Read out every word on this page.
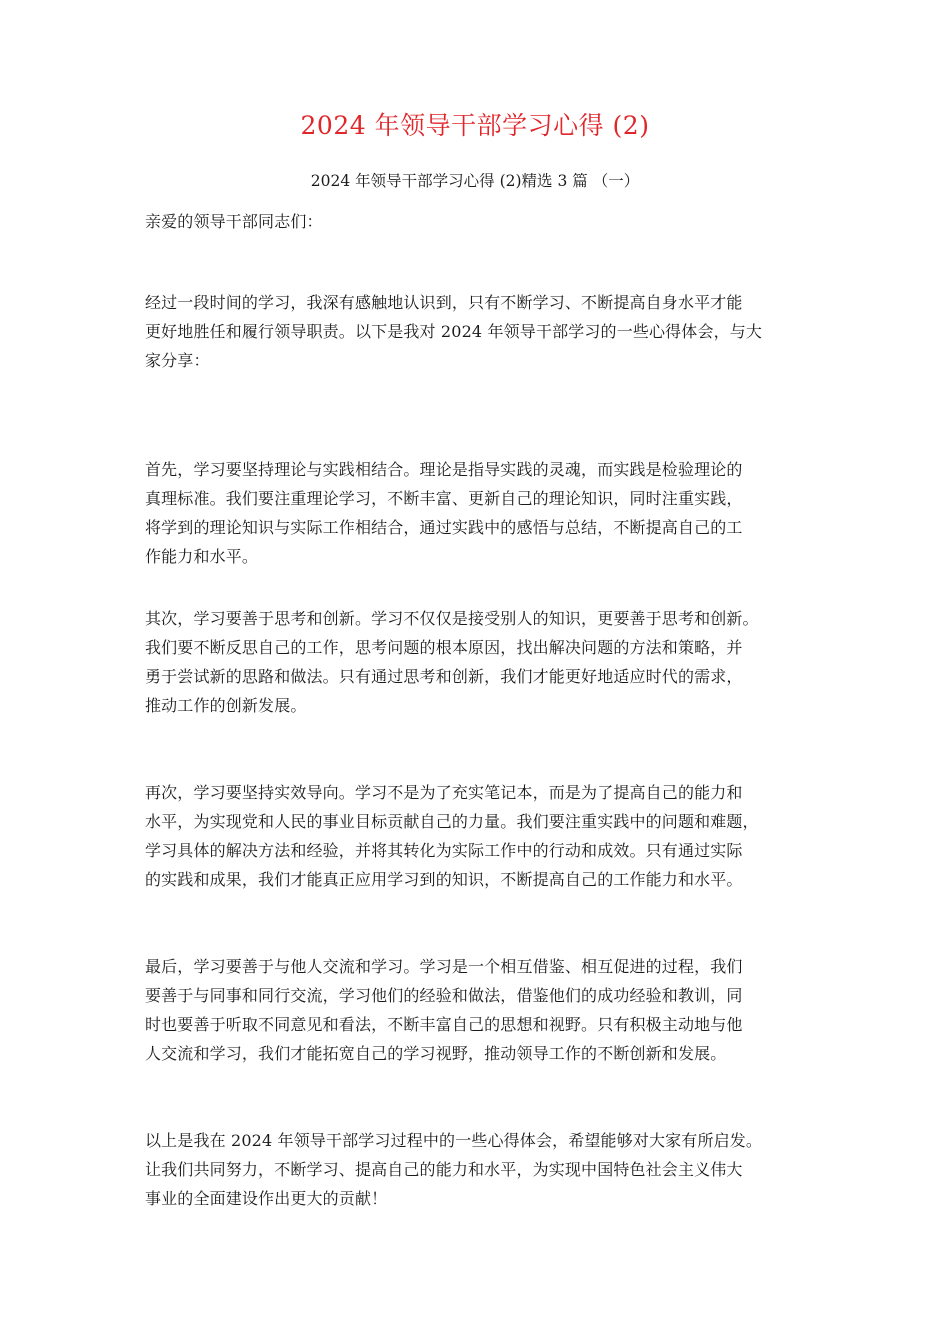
2024 年领导干部学习心得 (2)
2024 年领导干部学习心得 (2)精选 3 篇 （一）
亲爱的领导干部同志们：
经过一段时间的学习，我深有感触地认识到，只有不断学习、不断提高自身水平才能
更好地胜任和履行领导职责。以下是我对 2024 年领导干部学习的一些心得体会，与大
家分享：
首先，学习要坚持理论与实践相结合。理论是指导实践的灵魂，而实践是检验理论的
真理标准。我们要注重理论学习，不断丰富、更新自己的理论知识，同时注重实践，
将学到的理论知识与实际工作相结合，通过实践中的感悟与总结，不断提高自己的工
作能力和水平。
其次，学习要善于思考和创新。学习不仅仅是接受别人的知识，更要善于思考和创新。
我们要不断反思自己的工作，思考问题的根本原因，找出解决问题的方法和策略，并
勇于尝试新的思路和做法。只有通过思考和创新，我们才能更好地适应时代的需求，
推动工作的创新发展。
再次，学习要坚持实效导向。学习不是为了充实笔记本，而是为了提高自己的能力和
水平，为实现党和人民的事业目标贡献自己的力量。我们要注重实践中的问题和难题，
学习具体的解决方法和经验，并将其转化为实际工作中的行动和成效。只有通过实际
的实践和成果，我们才能真正应用学习到的知识，不断提高自己的工作能力和水平。
最后，学习要善于与他人交流和学习。学习是一个相互借鉴、相互促进的过程，我们
要善于与同事和同行交流，学习他们的经验和做法，借鉴他们的成功经验和教训，同
时也要善于听取不同意见和看法，不断丰富自己的思想和视野。只有积极主动地与他
人交流和学习，我们才能拓宽自己的学习视野，推动领导工作的不断创新和发展。
以上是我在 2024 年领导干部学习过程中的一些心得体会，希望能够对大家有所启发。
让我们共同努力，不断学习、提高自己的能力和水平，为实现中国特色社会主义伟大
事业的全面建设作出更大的贡献！
